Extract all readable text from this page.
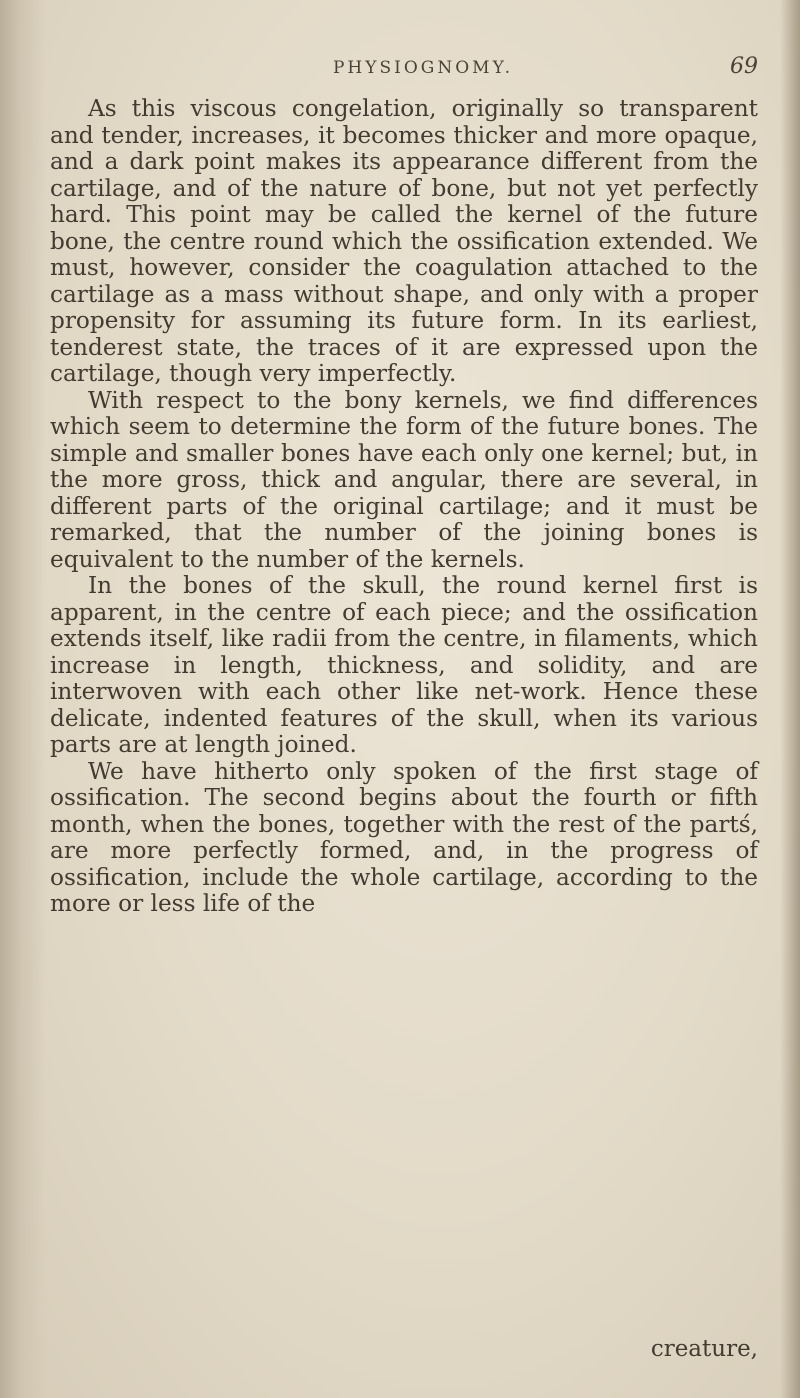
PHYSIOGNOMY.	69

As this viscous congelation, originally so transparent and tender, increases, it becomes thicker and more opaque, and a dark point makes its appearance different from the cartilage, and of the nature of bone, but not yet perfectly hard. This point may be called the kernel of the future bone, the centre round which the ossification extended. We must, however, consider the coagulation attached to the cartilage as a mass without shape, and only with a proper propensity for assuming its future form. In its earliest, tenderest state, the traces of it are expressed upon the cartilage, though very imperfectly.

With respect to the bony kernels, we find differences which seem to determine the form of the future bones. The simple and smaller bones have each only one kernel; but, in the more gross, thick and angular, there are several, in different parts of the original cartilage; and it must be remarked, that the number of the joining bones is equivalent to the number of the kernels.

In the bones of the skull, the round kernel first is apparent, in the centre of each piece; and the ossification extends itself, like radii from the centre, in filaments, which increase in length, thickness, and solidity, and are interwoven with each other like net-work. Hence these delicate, indented features of the skull, when its various parts are at length joined.

We have hitherto only spoken of the first stage of ossification. The second begins about the fourth or fifth month, when the bones, together with the rest of the partś, are more perfectly formed, and, in the progress of ossification, include the whole cartilage, according to the more or less life of the

creature,
